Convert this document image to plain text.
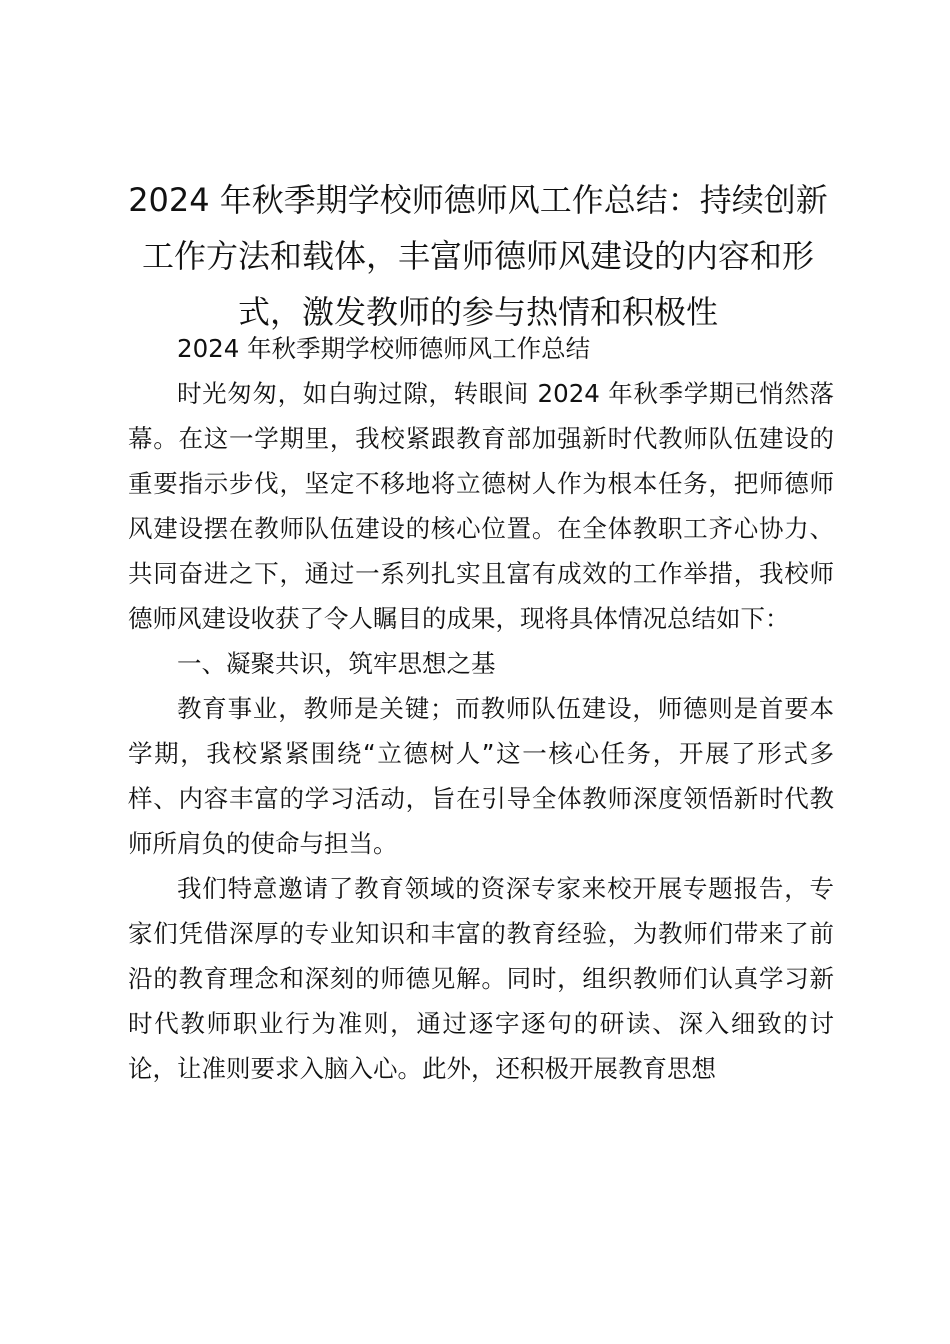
2024 年秋季期学校师德师风工作总结：持续创新工作方法和载体，丰富师德师风建设的内容和形式，激发教师的参与热情和积极性

2024 年秋季期学校师德师风工作总结

时光匆匆，如白驹过隙，转眼间 2024 年秋季学期已悄然落幕。在这一学期里，我校紧跟教育部加强新时代教师队伍建设的重要指示步伐，坚定不移地将立德树人作为根本任务，把师德师风建设摆在教师队伍建设的核心位置。在全体教职工齐心协力、共同奋进之下，通过一系列扎实且富有成效的工作举措，我校师德师风建设收获了令人瞩目的成果，现将具体情况总结如下：

一、凝聚共识，筑牢思想之基

教育事业，教师是关键；而教师队伍建设，师德则是首要本学期，我校紧紧围绕“立德树人”这一核心任务，开展了形式多样、内容丰富的学习活动，旨在引导全体教师深度领悟新时代教师所肩负的使命与担当。

我们特意邀请了教育领域的资深专家来校开展专题报告，专家们凭借深厚的专业知识和丰富的教育经验，为教师们带来了前沿的教育理念和深刻的师德见解。同时，组织教师们认真学习新时代教师职业行为准则，通过逐字逐句的研读、深入细致的讨论，让准则要求入脑入心。此外，还积极开展教育思想
